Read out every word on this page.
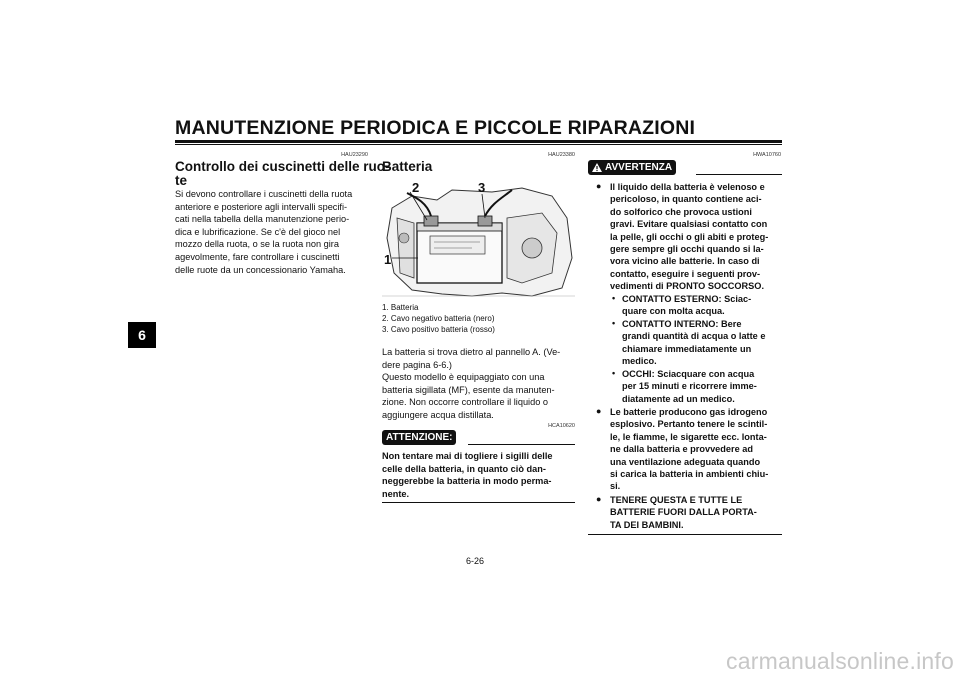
MANUTENZIONE PERIODICA E PICCOLE RIPARAZIONI
6
HAU23290
Controllo dei cuscinetti delle ruo-
te
Si devono controllare i cuscinetti della ruota
anteriore e posteriore agli intervalli specifi-
cati nella tabella della manutenzione perio-
dica e lubrificazione. Se c'è del gioco nel
mozzo della ruota, o se la ruota non gira
agevolmente, fare controllare i cuscinetti
delle ruote da un concessionario Yamaha.
HAU23380
Batteria
2	3
1
1. Batteria
2. Cavo negativo batteria (nero)
3. Cavo positivo batteria (rosso)
La batteria si trova dietro al pannello A. (Ve-
dere pagina 6-6.)
Questo modello è equipaggiato con una
batteria sigillata (MF), esente da manuten-
zione. Non occorre controllare il liquido o
aggiungere acqua distillata.
HCA10620
ATTENZIONE:
Non tentare mai di togliere i sigilli delle
celle della batteria, in quanto ciò dan-
neggerebbe la batteria in modo perma-
nente.
HWA10760
AVVERTENZA
● Il liquido della batteria è velenoso e
pericoloso, in quanto contiene aci-
do solforico che provoca ustioni
gravi. Evitare qualsiasi contatto con
la pelle, gli occhi o gli abiti e proteg-
gere sempre gli occhi quando si la-
vora vicino alle batterie. In caso di
contatto, eseguire i seguenti prov-
vedimenti di PRONTO SOCCORSO.
• CONTATTO ESTERNO: Sciac-
quare con molta acqua.
• CONTATTO INTERNO: Bere
grandi quantità di acqua o latte e
chiamare immediatamente un
medico.
• OCCHI: Sciacquare con acqua
per 15 minuti e ricorrere imme-
diatamente ad un medico.
● Le batterie producono gas idrogeno
esplosivo. Pertanto tenere le scintil-
le, le fiamme, le sigarette ecc. lonta-
ne dalla batteria e provvedere ad
una ventilazione adeguata quando
si carica la batteria in ambienti chiu-
si.
● TENERE QUESTA E TUTTE LE
BATTERIE FUORI DALLA PORTA-
TA DEI BAMBINI.
6-26
carmanualsonline.info
